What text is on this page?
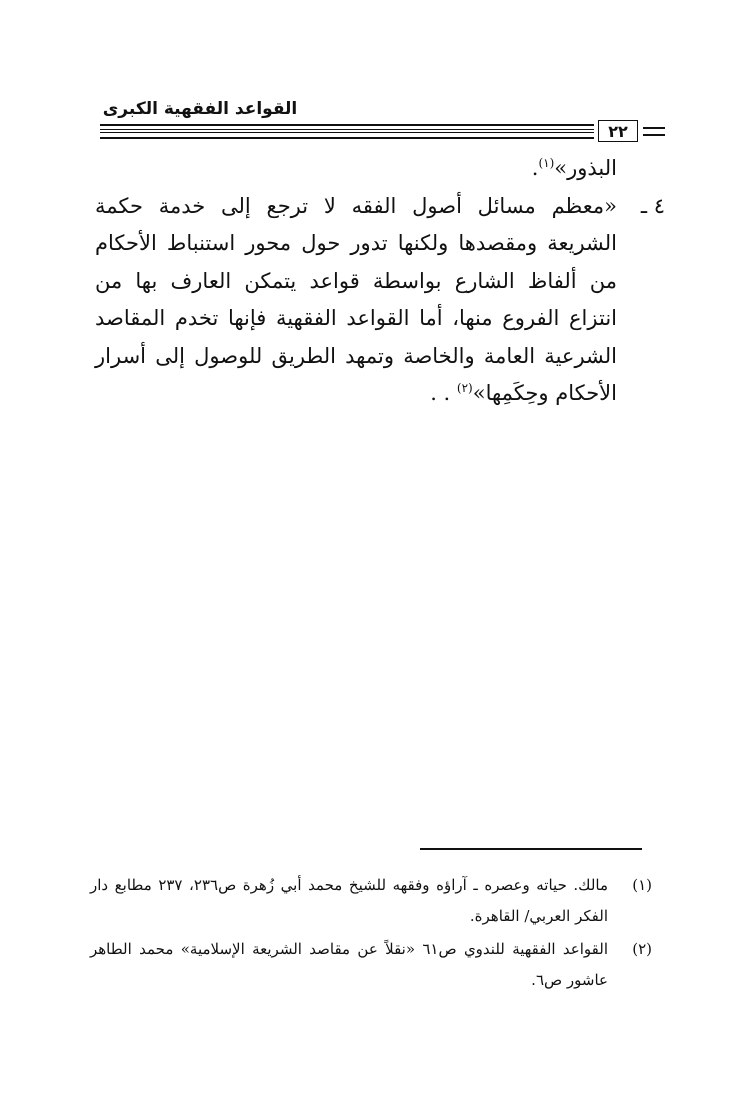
القواعد الفقهية الكبرى
٢٢

البذور»$^{(١)}$.

٤ ـ
«معظم مسائل أصول الفقه لا ترجع إلى خدمة حكمة الشريعة ومقصدها ولكنها تدور حول محور استنباط الأحكام من ألفاظ الشارع بواسطة قواعد يتمكن العارف بها من انتزاع الفروع منها، أما القواعد الفقهية فإنها تخدم المقاصد الشرعية العامة والخاصة وتمهد الطريق للوصول إلى أسرار الأحكام وحِكَمِها»$^{(٢)}$ . .
(١)
مالك. حياته وعصره ـ آراؤه وفقهه للشيخ محمد أبي زُهرة ص٢٣٦، ٢٣٧ مطابع دار الفكر العربي/ القاهرة.
(٢)
القواعد الفقهية للندوي ص٦١ «نقلاً عن مقاصد الشريعة الإسلامية» محمد الطاهر عاشور ص٦.
